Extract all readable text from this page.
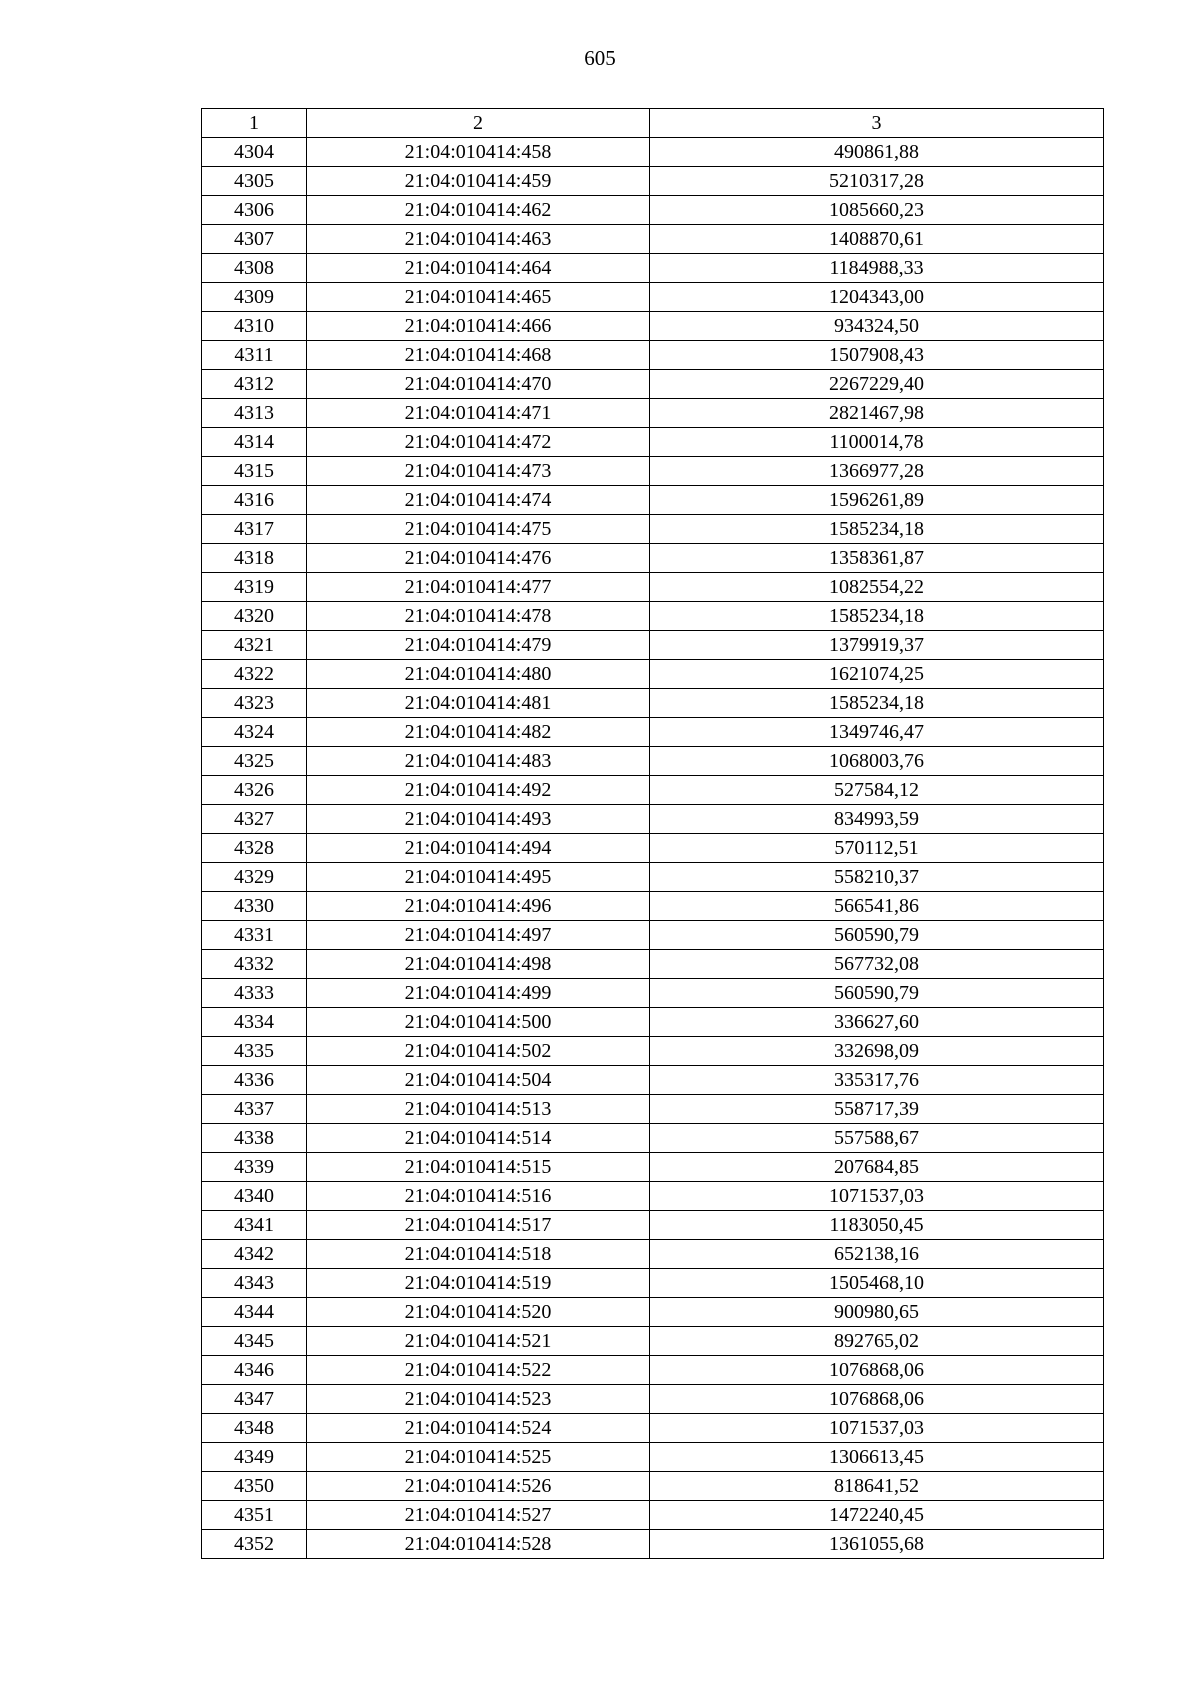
605
1	2	3
4304	21:04:010414:458	490861,88
4305	21:04:010414:459	5210317,28
4306	21:04:010414:462	1085660,23
4307	21:04:010414:463	1408870,61
4308	21:04:010414:464	1184988,33
4309	21:04:010414:465	1204343,00
4310	21:04:010414:466	934324,50
4311	21:04:010414:468	1507908,43
4312	21:04:010414:470	2267229,40
4313	21:04:010414:471	2821467,98
4314	21:04:010414:472	1100014,78
4315	21:04:010414:473	1366977,28
4316	21:04:010414:474	1596261,89
4317	21:04:010414:475	1585234,18
4318	21:04:010414:476	1358361,87
4319	21:04:010414:477	1082554,22
4320	21:04:010414:478	1585234,18
4321	21:04:010414:479	1379919,37
4322	21:04:010414:480	1621074,25
4323	21:04:010414:481	1585234,18
4324	21:04:010414:482	1349746,47
4325	21:04:010414:483	1068003,76
4326	21:04:010414:492	527584,12
4327	21:04:010414:493	834993,59
4328	21:04:010414:494	570112,51
4329	21:04:010414:495	558210,37
4330	21:04:010414:496	566541,86
4331	21:04:010414:497	560590,79
4332	21:04:010414:498	567732,08
4333	21:04:010414:499	560590,79
4334	21:04:010414:500	336627,60
4335	21:04:010414:502	332698,09
4336	21:04:010414:504	335317,76
4337	21:04:010414:513	558717,39
4338	21:04:010414:514	557588,67
4339	21:04:010414:515	207684,85
4340	21:04:010414:516	1071537,03
4341	21:04:010414:517	1183050,45
4342	21:04:010414:518	652138,16
4343	21:04:010414:519	1505468,10
4344	21:04:010414:520	900980,65
4345	21:04:010414:521	892765,02
4346	21:04:010414:522	1076868,06
4347	21:04:010414:523	1076868,06
4348	21:04:010414:524	1071537,03
4349	21:04:010414:525	1306613,45
4350	21:04:010414:526	818641,52
4351	21:04:010414:527	1472240,45
4352	21:04:010414:528	1361055,68
